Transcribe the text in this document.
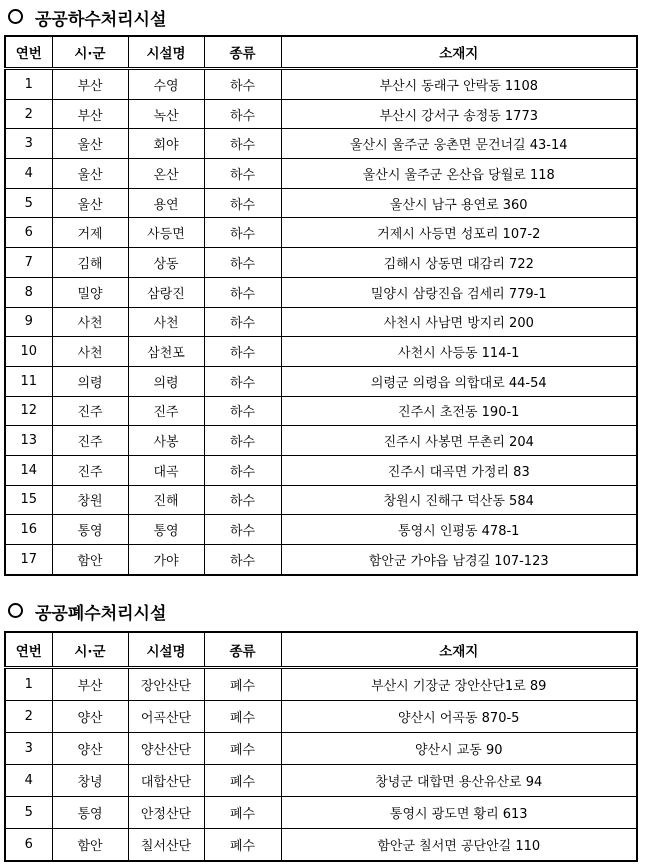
공공하수처리시설
연번	시·군	시설명	종류	소재지
1	부산	수영	하수	부산시 동래구 안락동 1108
2	부산	녹산	하수	부산시 강서구 송정동 1773
3	울산	회야	하수	울산시 울주군 웅촌면 문건너길 43-14
4	울산	온산	하수	울산시 울주군 온산읍 당월로 118
5	울산	용연	하수	울산시 남구 용연로 360
6	거제	사등면	하수	거제시 사등면 성포리 107-2
7	김해	상동	하수	김해시 상동면 대감리 722
8	밀양	삼랑진	하수	밀양시 삼랑진읍 검세리 779-1
9	사천	사천	하수	사천시 사남면 방지리 200
10	사천	삼천포	하수	사천시 사등동 114-1
11	의령	의령	하수	의령군 의령읍 의합대로 44-54
12	진주	진주	하수	진주시 초전동 190-1
13	진주	사봉	하수	진주시 사봉면 무촌리 204
14	진주	대곡	하수	진주시 대곡면 가정리 83
15	창원	진해	하수	창원시 진해구 덕산동 584
16	통영	통영	하수	통영시 인평동 478-1
17	함안	가야	하수	함안군 가야읍 남경길 107-123
공공폐수처리시설
연번	시·군	시설명	종류	소재지
1	부산	장안산단	폐수	부산시 기장군 장안산단1로 89
2	양산	어곡산단	폐수	양산시 어곡동 870-5
3	양산	양산산단	폐수	양산시 교동 90
4	창녕	대합산단	폐수	창녕군 대합면 용산유산로 94
5	통영	안정산단	폐수	통영시 광도면 황리 613
6	함안	칠서산단	폐수	함안군 칠서면 공단안길 110
